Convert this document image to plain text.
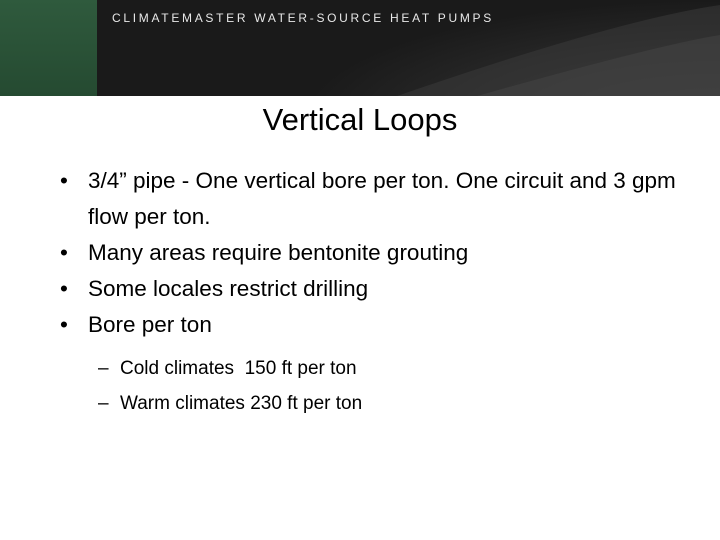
CLIMATEMASTER WATER-SOURCE HEAT PUMPS
Vertical Loops
• 3/4” pipe - One vertical bore per ton. One circuit and 3 gpm flow per ton.
• Many areas require bentonite grouting
• Some locales restrict drilling
• Bore per ton
– Cold climates  150 ft per ton
– Warm climates 230 ft per ton
